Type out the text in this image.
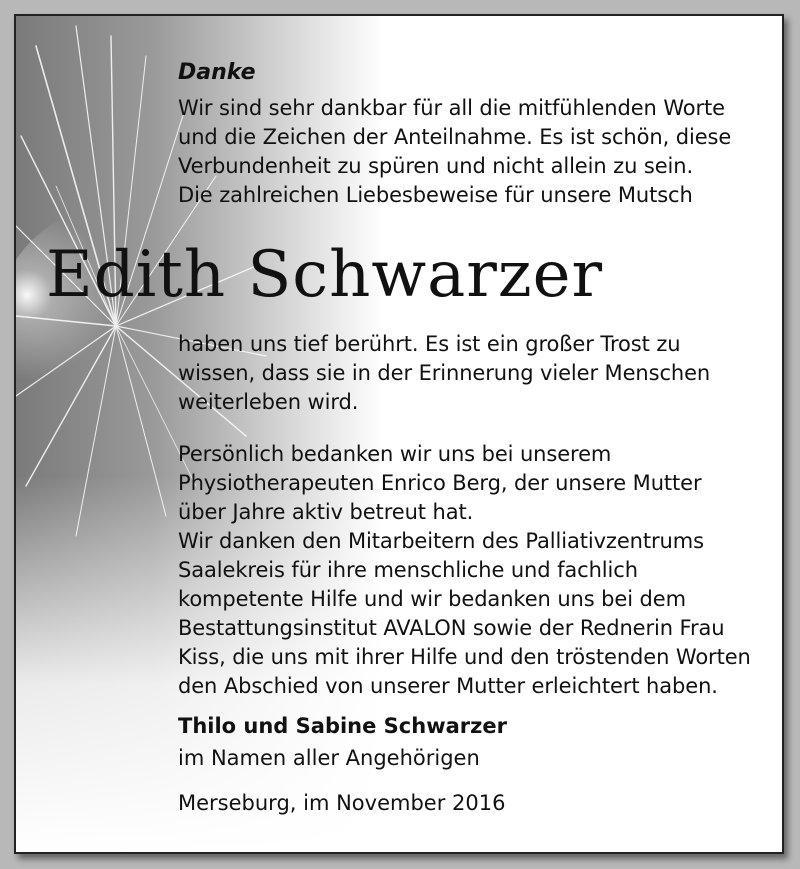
Danke
Wir sind sehr dankbar für all die mitfühlenden Worte
und die Zeichen der Anteilnahme. Es ist schön, diese
Verbundenheit zu spüren und nicht allein zu sein.
Die zahlreichen Liebesbeweise für unsere Mutsch
Edith Schwarzer
haben uns tief berührt. Es ist ein großer Trost zu
wissen, dass sie in der Erinnerung vieler Menschen
weiterleben wird.
Persönlich bedanken wir uns bei unserem
Physiotherapeuten Enrico Berg, der unsere Mutter
über Jahre aktiv betreut hat.
Wir danken den Mitarbeitern des Palliativzentrums
Saalekreis für ihre menschliche und fachlich
kompetente Hilfe und wir bedanken uns bei dem
Bestattungsinstitut AVALON sowie der Rednerin Frau
Kiss, die uns mit ihrer Hilfe und den tröstenden Worten
den Abschied von unserer Mutter erleichtert haben.
Thilo und Sabine Schwarzer
im Namen aller Angehörigen
Merseburg, im November 2016
